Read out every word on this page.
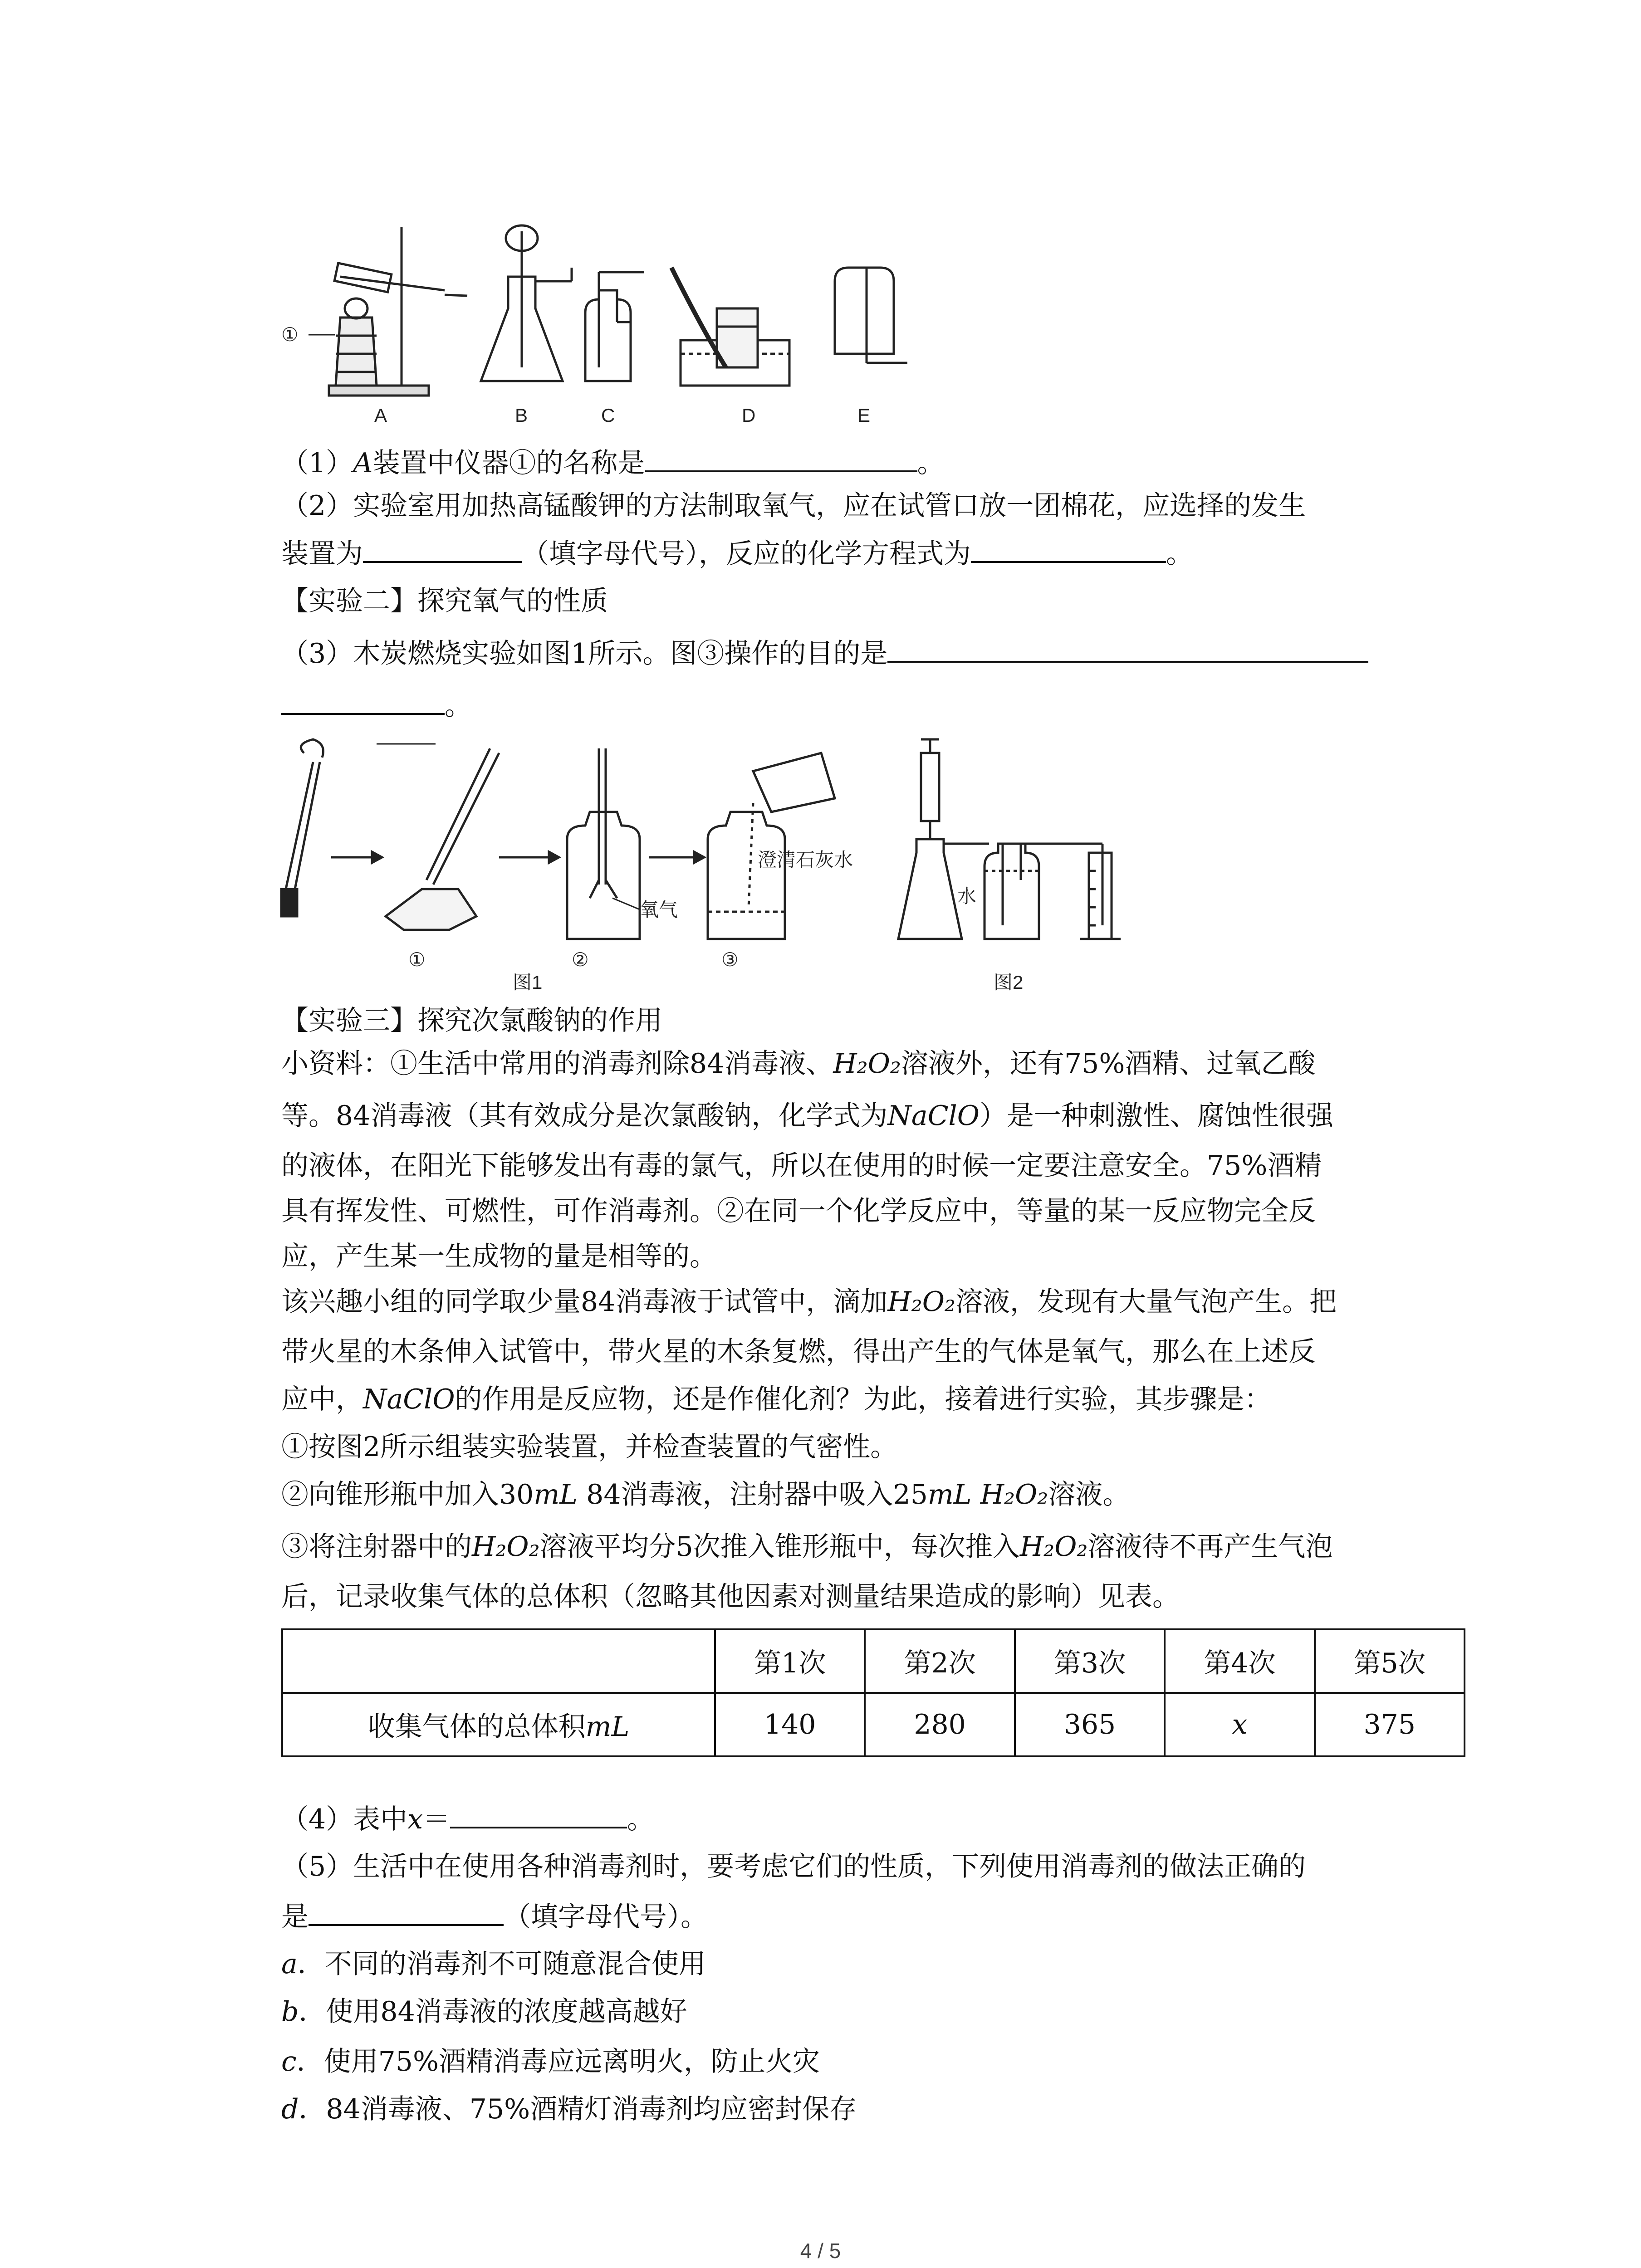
①
A	B	C	D	E
（1）A装置中仪器①的名称是	。
（2）实验室用加热高锰酸钾的方法制取氧气，应在试管口放一团棉花，应选择的发生
装置为	（填字母代号），反应的化学方程式为	。
【实验二】探究氧气的性质
（3）木炭燃烧实验如图1所示。图③操作的目的是
。
①	②	③
氧气
澄清石灰水
图1
水
图2
【实验三】探究次氯酸钠的作用
小资料：①生活中常用的消毒剂除84消毒液、H₂O₂溶液外，还有75%酒精、过氧乙酸
等。84消毒液（其有效成分是次氯酸钠，化学式为NaClO）是一种刺激性、腐蚀性很强
的液体，在阳光下能够发出有毒的氯气，所以在使用的时候一定要注意安全。75%酒精
具有挥发性、可燃性，可作消毒剂。②在同一个化学反应中，等量的某一反应物完全反
应，产生某一生成物的量是相等的。
该兴趣小组的同学取少量84消毒液于试管中，滴加H₂O₂溶液，发现有大量气泡产生。把
带火星的木条伸入试管中，带火星的木条复燃，得出产生的气体是氧气，那么在上述反
应中，NaClO的作用是反应物，还是作催化剂？为此，接着进行实验，其步骤是：
①按图2所示组装实验装置，并检查装置的气密性。
②向锥形瓶中加入30mL 84消毒液，注射器中吸入25mL H₂O₂溶液。
③将注射器中的H₂O₂溶液平均分5次推入锥形瓶中，每次推入H₂O₂溶液待不再产生气泡
后，记录收集气体的总体积（忽略其他因素对测量结果造成的影响）见表。
	第1次	第2次	第3次	第4次	第5次
收集气体的总体积mL	140	280	365	x	375
（4）表中x＝	。
（5）生活中在使用各种消毒剂时，要考虑它们的性质，下列使用消毒剂的做法正确的
是	（填字母代号）。
a．不同的消毒剂不可随意混合使用
b．使用84消毒液的浓度越高越好
c．使用75%酒精消毒应远离明火，防止火灾
d．84消毒液、75%酒精灯消毒剂均应密封保存
4 / 5
